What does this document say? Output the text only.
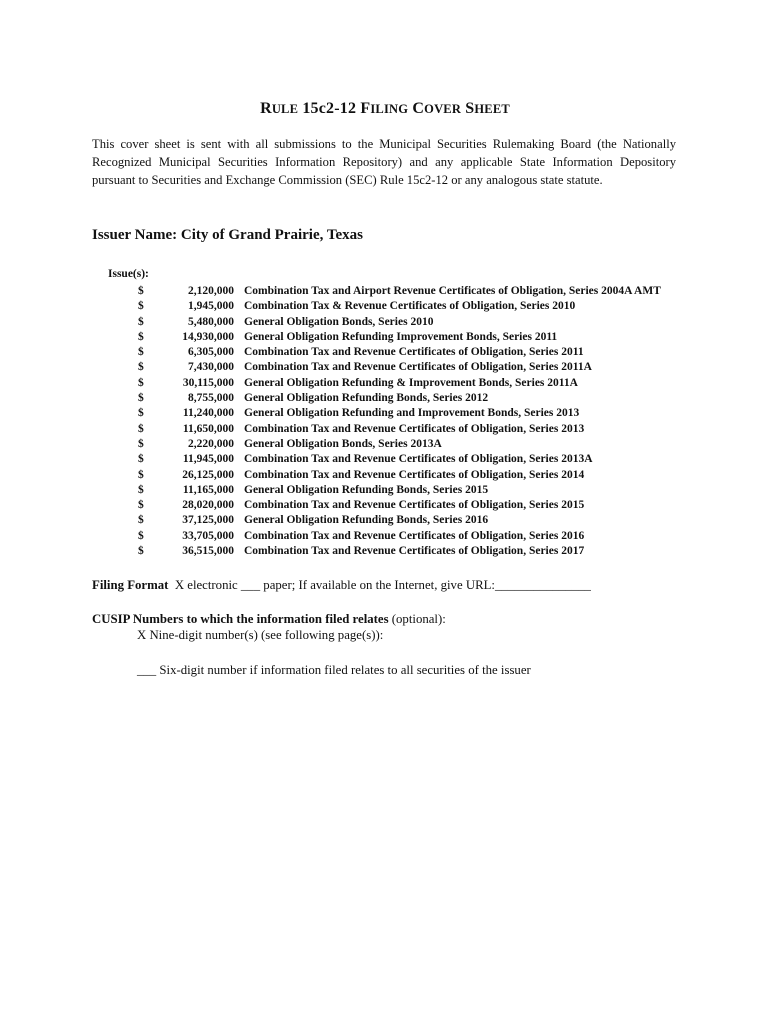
RULE 15c2-12 FILING COVER SHEET
This cover sheet is sent with all submissions to the Municipal Securities Rulemaking Board (the Nationally Recognized Municipal Securities Information Repository) and any applicable State Information Depository pursuant to Securities and Exchange Commission (SEC) Rule 15c2-12 or any analogous state statute.
Issuer Name: City of Grand Prairie, Texas
Issue(s):
$	2,120,000 Combination Tax and Airport Revenue Certificates of Obligation, Series 2004A AMT
$	1,945,000 Combination Tax & Revenue Certificates of Obligation, Series 2010
$	5,480,000 General Obligation Bonds, Series 2010
$	14,930,000 General Obligation Refunding Improvement Bonds, Series 2011
$	6,305,000 Combination Tax and Revenue Certificates of Obligation, Series 2011
$	7,430,000 Combination Tax and Revenue Certificates of Obligation, Series 2011A
$	30,115,000 General Obligation Refunding & Improvement Bonds, Series 2011A
$	8,755,000 General Obligation Refunding Bonds, Series 2012
$	11,240,000 General Obligation Refunding and Improvement Bonds, Series 2013
$	11,650,000 Combination Tax and Revenue Certificates of Obligation, Series 2013
$	2,220,000 General Obligation Bonds, Series 2013A
$	11,945,000 Combination Tax and Revenue Certificates of Obligation, Series 2013A
$	26,125,000 Combination Tax and Revenue Certificates of Obligation, Series 2014
$	11,165,000 General Obligation Refunding Bonds, Series 2015
$	28,020,000 Combination Tax and Revenue Certificates of Obligation, Series 2015
$	37,125,000 General Obligation Refunding Bonds, Series 2016
$	33,705,000 Combination Tax and Revenue Certificates of Obligation, Series 2016
$	36,515,000 Combination Tax and Revenue Certificates of Obligation, Series 2017
Filing Format  X electronic ___ paper; If available on the Internet, give URL:_______________
CUSIP Numbers to which the information filed relates (optional):
X Nine-digit number(s) (see following page(s)):
___ Six-digit number if information filed relates to all securities of the issuer
